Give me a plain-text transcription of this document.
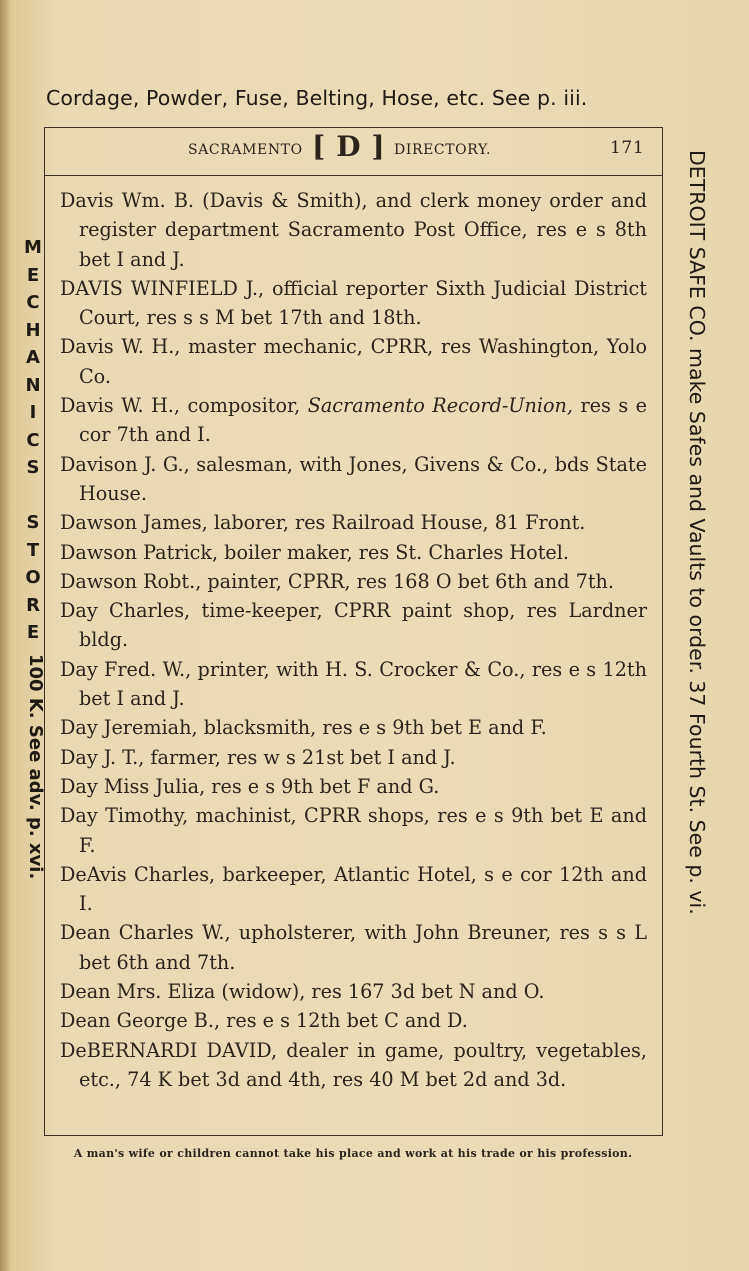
Cordage, Powder, Fuse, Belting, Hose, etc. See p. iii.
SACRAMENTO [ D ] DIRECTORY.	171
Davis Wm. B. (Davis & Smith), and clerk money order and register department Sacramento Post Office, res e s 8th bet I and J.
DAVIS WINFIELD J., official reporter Sixth Judicial District Court, res s s M bet 17th and 18th.
Davis W. H., master mechanic, CPRR, res Washington, Yolo Co.
Davis W. H., compositor, Sacramento Record-Union, res s e cor 7th and I.
Davison J. G., salesman, with Jones, Givens & Co., bds State House.
Dawson James, laborer, res Railroad House, 81 Front.
Dawson Patrick, boiler maker, res St. Charles Hotel.
Dawson Robt., painter, CPRR, res 168 O bet 6th and 7th.
Day Charles, time-keeper, CPRR paint shop, res Lardner bldg.
Day Fred. W., printer, with H. S. Crocker & Co., res e s 12th bet I and J.
Day Jeremiah, blacksmith, res e s 9th bet E and F.
Day J. T., farmer, res w s 21st bet I and J.
Day Miss Julia, res e s 9th bet F and G.
Day Timothy, machinist, CPRR shops, res e s 9th bet E and F.
DeAvis Charles, barkeeper, Atlantic Hotel, s e cor 12th and I.
Dean Charles W., upholsterer, with John Breuner, res s s L bet 6th and 7th.
Dean Mrs. Eliza (widow), res 167 3d bet N and O.
Dean George B., res e s 12th bet C and D.
DeBERNARDI DAVID, dealer in game, poultry, vegetables, etc., 74 K bet 3d and 4th, res 40 M bet 2d and 3d.
A man's wife or children cannot take his place and work at his trade or his profession.
DETROIT SAFE CO. make Safes and Vaults to order. 37 Fourth St. See p. vi.
M
E
C
H
A
N
I
C
S
S
T
O
R
E
100 K. See adv. p. xvi.
